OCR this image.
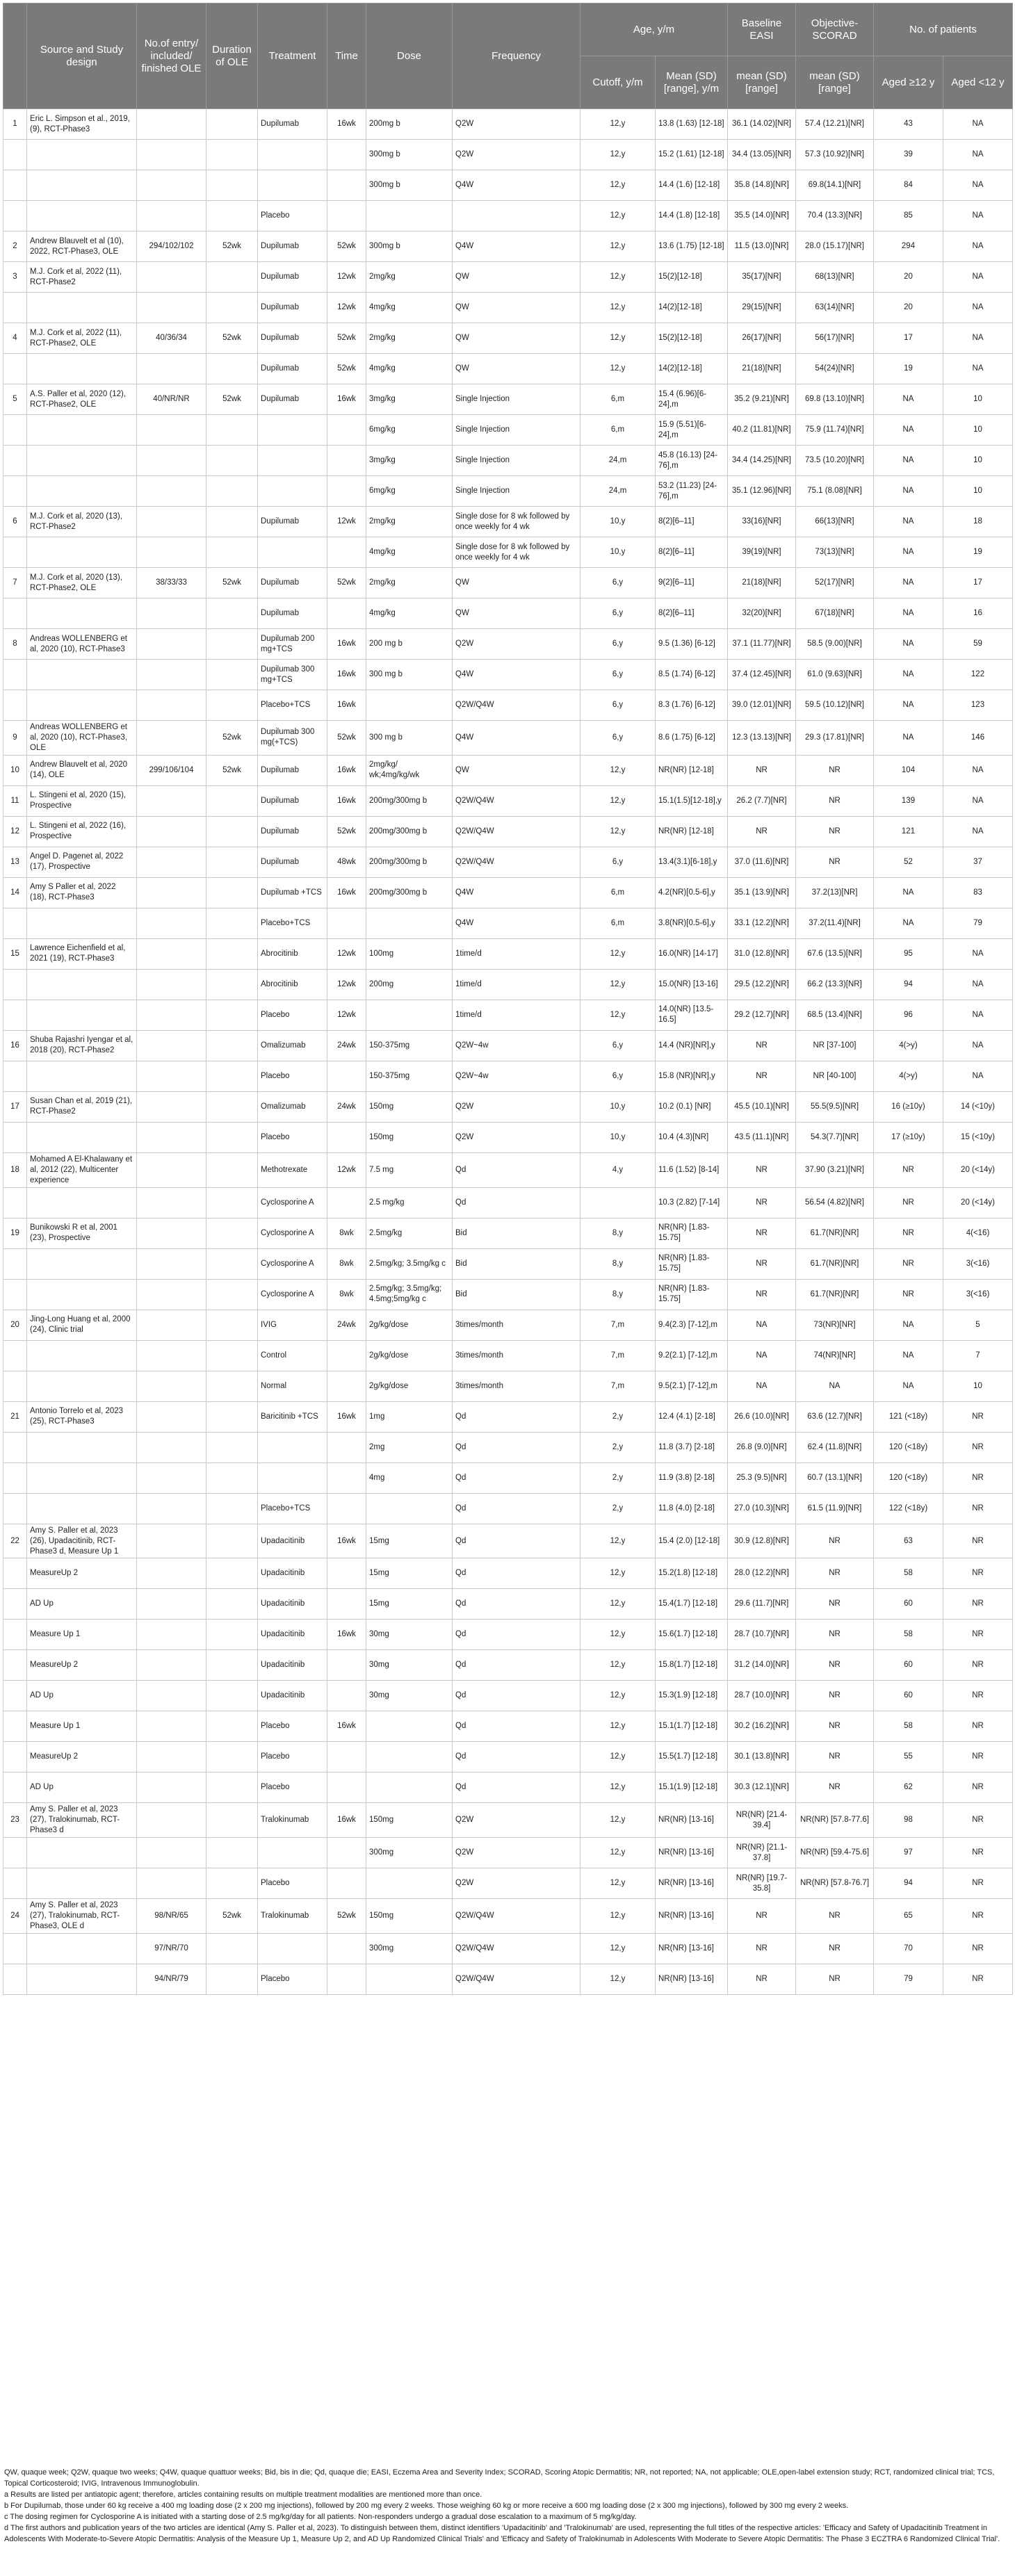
	Source and Study design	No.of entry/ included/ finished OLE	Duration of OLE	Treatment	Time	Dose	Frequency	Age, y/m		Baseline EASI	Objective-SCORAD	No. of patients	
								Cutoff, y/m	Mean (SD) [range], y/m	mean (SD) [range]	mean (SD) [range]	Aged ≥12 y	Aged <12 y
1	Eric L. Simpson et al., 2019, (9), RCT-Phase3			Dupilumab	16wk	200mg b	Q2W	12,y	13.8 (1.63) [12-18]	36.1 (14.02)[NR]	57.4 (12.21)[NR]	43	NA
						300mg b	Q2W	12,y	15.2 (1.61) [12-18]	34.4 (13.05)[NR]	57.3 (10.92)[NR]	39	NA
						300mg b	Q4W	12,y	14.4 (1.6) [12-18]	35.8 (14.8)[NR]	69.8(14.1)[NR]	84	NA
				Placebo				12,y	14.4 (1.8) [12-18]	35.5 (14.0)[NR]	70.4 (13.3)[NR]	85	NA
2	Andrew Blauvelt et al (10), 2022, RCT-Phase3, OLE	294/102/102	52wk	Dupilumab	52wk	300mg b	Q4W	12,y	13.6 (1.75) [12-18]	11.5 (13.0)[NR]	28.0 (15.17)[NR]	294	NA
3	M.J. Cork et al, 2022 (11), RCT-Phase2			Dupilumab	12wk	2mg/kg	QW	12,y	15(2)[12-18]	35(17)[NR]	68(13)[NR]	20	NA
				Dupilumab	12wk	4mg/kg	QW	12,y	14(2)[12-18]	29(15)[NR]	63(14)[NR]	20	NA
4	M.J. Cork et al, 2022 (11), RCT-Phase2, OLE	40/36/34	52wk	Dupilumab	52wk	2mg/kg	QW	12,y	15(2)[12-18]	26(17)[NR]	56(17)[NR]	17	NA
				Dupilumab	52wk	4mg/kg	QW	12,y	14(2)[12-18]	21(18)[NR]	54(24)[NR]	19	NA
5	A.S. Paller et al, 2020 (12), RCT-Phase2, OLE	40/NR/NR	52wk	Dupilumab	16wk	3mg/kg	Single Injection	6,m	15.4 (6.96)[6-24],m	35.2 (9.21)[NR]	69.8 (13.10)[NR]	NA	10
						6mg/kg	Single Injection	6,m	15.9 (5.51)[6-24],m	40.2 (11.81)[NR]	75.9 (11.74)[NR]	NA	10
						3mg/kg	Single Injection	24,m	45.8 (16.13) [24-76],m	34.4 (14.25)[NR]	73.5 (10.20)[NR]	NA	10
						6mg/kg	Single Injection	24,m	53.2 (11.23) [24-76],m	35.1 (12.96)[NR]	75.1 (8.08)[NR]	NA	10
6	M.J. Cork et al, 2020 (13), RCT-Phase2			Dupilumab	12wk	2mg/kg	Single dose for 8 wk followed by once weekly for 4 wk	10,y	8(2)[6–11]	33(16)[NR]	66(13)[NR]	NA	18
						4mg/kg	Single dose for 8 wk followed by once weekly for 4 wk	10,y	8(2)[6–11]	39(19)[NR]	73(13)[NR]	NA	19
7	M.J. Cork et al, 2020 (13), RCT-Phase2, OLE	38/33/33	52wk	Dupilumab	52wk	2mg/kg	QW	6,y	9(2)[6–11]	21(18)[NR]	52(17)[NR]	NA	17
				Dupilumab		4mg/kg	QW	6,y	8(2)[6–11]	32(20)[NR]	67(18)[NR]	NA	16
8	Andreas WOLLENBERG et al, 2020 (10), RCT-Phase3			Dupilumab 200 mg+TCS	16wk	200 mg b	Q2W	6,y	9.5 (1.36) [6-12]	37.1 (11.77)[NR]	58.5 (9.00)[NR]	NA	59
				Dupilumab 300 mg+TCS	16wk	300 mg b	Q4W	6,y	8.5 (1.74) [6-12]	37.4 (12.45)[NR]	61.0 (9.63)[NR]	NA	122
				Placebo+TCS	16wk		Q2W/Q4W	6,y	8.3 (1.76) [6-12]	39.0 (12.01)[NR]	59.5 (10.12)[NR]	NA	123
9	Andreas WOLLENBERG et al, 2020 (10), RCT-Phase3, OLE		52wk	Dupilumab 300 mg(+TCS)	52wk	300 mg b	Q4W	6,y	8.6 (1.75) [6-12]	12.3 (13.13)[NR]	29.3 (17.81)[NR]	NA	146
10	Andrew Blauvelt et al, 2020 (14), OLE	299/106/104	52wk	Dupilumab	16wk	2mg/kg/ wk;4mg/kg/wk	QW	12,y	NR(NR) [12-18]	NR	NR	104	NA
11	L. Stingeni et al, 2020 (15), Prospective			Dupilumab	16wk	200mg/300mg b	Q2W/Q4W	12,y	15.1(1.5)[12-18],y	26.2 (7.7)[NR]	NR	139	NA
12	L. Stingeni et al, 2022 (16), Prospective			Dupilumab	52wk	200mg/300mg b	Q2W/Q4W	12,y	NR(NR) [12-18]	NR	NR	121	NA
13	Angel D. Pagenet al, 2022 (17), Prospective			Dupilumab	48wk	200mg/300mg b	Q2W/Q4W	6,y	13.4(3.1)[6-18],y	37.0 (11.6)[NR]	NR	52	37
14	Amy S Paller et al, 2022 (18), RCT-Phase3			Dupilumab +TCS	16wk	200mg/300mg b	Q4W	6,m	4.2(NR)[0.5-6],y	35.1 (13.9)[NR]	37.2(13)[NR]	NA	83
				Placebo+TCS			Q4W	6,m	3.8(NR)[0.5-6],y	33.1 (12.2)[NR]	37.2(11.4)[NR]	NA	79
15	Lawrence Eichenfield et al, 2021 (19), RCT-Phase3			Abrocitinib	12wk	100mg	1time/d	12,y	16.0(NR) [14-17]	31.0 (12.8)[NR]	67.6 (13.5)[NR]	95	NA
				Abrocitinib	12wk	200mg	1time/d	12,y	15.0(NR) [13-16]	29.5 (12.2)[NR]	66.2 (13.3)[NR]	94	NA
				Placebo	12wk		1time/d	12,y	14.0(NR) [13.5-16.5]	29.2 (12.7)[NR]	68.5 (13.4)[NR]	96	NA
16	Shuba Rajashri Iyengar et al, 2018 (20), RCT-Phase2			Omalizumab	24wk	150-375mg	Q2W~4w	6,y	14.4 (NR)[NR],y	NR	NR [37-100]	4(>y)	NA
				Placebo		150-375mg	Q2W~4w	6,y	15.8 (NR)[NR],y	NR	NR [40-100]	4(>y)	NA
17	Susan Chan et al, 2019 (21), RCT-Phase2			Omalizumab	24wk	150mg	Q2W	10,y	10.2 (0.1) [NR]	45.5 (10.1)[NR]	55.5(9.5)[NR]	16 (≥10y)	14 (<10y)
				Placebo		150mg	Q2W	10,y	10.4 (4.3)[NR]	43.5 (11.1)[NR]	54.3(7.7)[NR]	17 (≥10y)	15 (<10y)
18	Mohamed A El-Khalawany et al, 2012 (22), Multicenter experience			Methotrexate	12wk	7.5 mg	Qd	4,y	11.6 (1.52) [8-14]	NR	37.90 (3.21)[NR]	NR	20 (<14y)
				Cyclosporine A		2.5 mg/kg	Qd		10.3 (2.82) [7-14]	NR	56.54 (4.82)[NR]	NR	20 (<14y)
19	Bunikowski R et al, 2001 (23), Prospective			Cyclosporine A	8wk	2.5mg/kg	Bid	8,y	NR(NR) [1.83-15.75]	NR	61.7(NR)[NR]	NR	4(<16)
				Cyclosporine A	8wk	2.5mg/kg; 3.5mg/kg c	Bid	8,y	NR(NR) [1.83-15.75]	NR	61.7(NR)[NR]	NR	3(<16)
				Cyclosporine A	8wk	2.5mg/kg; 3.5mg/kg; 4.5mg;5mg/kg c	Bid	8,y	NR(NR) [1.83-15.75]	NR	61.7(NR)[NR]	NR	3(<16)
20	Jing-Long Huang et al, 2000 (24), Clinic trial			IVIG	24wk	2g/kg/dose	3times/month	7,m	9.4(2.3) [7-12],m	NA	73(NR)[NR]	NA	5
				Control		2g/kg/dose	3times/month	7,m	9.2(2.1) [7-12],m	NA	74(NR)[NR]	NA	7
				Normal		2g/kg/dose	3times/month	7,m	9.5(2.1) [7-12],m	NA	NA	NA	10
21	Antonio Torrelo et al, 2023 (25), RCT-Phase3			Baricitinib +TCS	16wk	1mg	Qd	2,y	12.4 (4.1) [2-18]	26.6 (10.0)[NR]	63.6 (12.7)[NR]	121 (<18y)	NR
						2mg	Qd	2,y	11.8 (3.7) [2-18]	26.8 (9.0)[NR]	62.4 (11.8)[NR]	120 (<18y)	NR
						4mg	Qd	2,y	11.9 (3.8) [2-18]	25.3 (9.5)[NR]	60.7 (13.1)[NR]	120 (<18y)	NR
				Placebo+TCS			Qd	2,y	11.8 (4.0) [2-18]	27.0 (10.3)[NR]	61.5 (11.9)[NR]	122 (<18y)	NR
22	Amy S. Paller et al, 2023 (26), Upadacitinib, RCT-Phase3 d, Measure Up 1			Upadacitinib	16wk	15mg	Qd	12,y	15.4 (2.0) [12-18]	30.9 (12.8)[NR]	NR	63	NR
	MeasureUp 2			Upadacitinib		15mg	Qd	12,y	15.2(1.8) [12-18]	28.0 (12.2)[NR]	NR	58	NR
	AD Up			Upadacitinib		15mg	Qd	12,y	15.4(1.7) [12-18]	29.6 (11.7)[NR]	NR	60	NR
	Measure Up 1			Upadacitinib	16wk	30mg	Qd	12,y	15.6(1.7) [12-18]	28.7 (10.7)[NR]	NR	58	NR
	MeasureUp 2			Upadacitinib		30mg	Qd	12,y	15.8(1.7) [12-18]	31.2 (14.0)[NR]	NR	60	NR
	AD Up			Upadacitinib		30mg	Qd	12,y	15.3(1.9) [12-18]	28.7 (10.0)[NR]	NR	60	NR
	Measure Up 1			Placebo	16wk		Qd	12,y	15.1(1.7) [12-18]	30.2 (16.2)[NR]	NR	58	NR
	MeasureUp 2			Placebo			Qd	12,y	15.5(1.7) [12-18]	30.1 (13.8)[NR]	NR	55	NR
	AD Up			Placebo			Qd	12,y	15.1(1.9) [12-18]	30.3 (12.1)[NR]	NR	62	NR
23	Amy S. Paller et al, 2023 (27), Tralokinumab, RCT-Phase3 d			Tralokinumab	16wk	150mg	Q2W	12,y	NR(NR) [13-16]	NR(NR) [21.4-39.4]	NR(NR) [57.8-77.6]	98	NR
						300mg	Q2W	12,y	NR(NR) [13-16]	NR(NR) [21.1-37.8]	NR(NR) [59.4-75.6]	97	NR
				Placebo			Q2W	12,y	NR(NR) [13-16]	NR(NR) [19.7-35.8]	NR(NR) [57.8-76.7]	94	NR
24	Amy S. Paller et al, 2023 (27), Tralokinumab, RCT-Phase3, OLE d	98/NR/65	52wk	Tralokinumab	52wk	150mg	Q2W/Q4W	12,y	NR(NR) [13-16]	NR	NR	65	NR
		97/NR/70				300mg	Q2W/Q4W	12,y	NR(NR) [13-16]	NR	NR	70	NR
		94/NR/79		Placebo			Q2W/Q4W	12,y	NR(NR) [13-16]	NR	NR	79	NR

QW, quaque week; Q2W, quaque two weeks; Q4W, quaque quattuor weeks; Bid, bis in die; Qd, quaque die; EASI, Eczema Area and Severity Index; SCORAD, Scoring Atopic Dermatitis; NR, not reported; NA, not applicable; OLE,open-label extension study; RCT, randomized clinical trial; TCS, Topical Corticosteroid; IVIG, Intravenous Immunoglobulin.

a Results are listed per antiatopic agent; therefore, articles containing results on multiple treatment modalities are mentioned more than once.

b For Dupilumab, those under 60 kg receive a 400 mg loading dose (2 x 200 mg injections), followed by 200 mg every 2 weeks. Those weighing 60 kg or more receive a 600 mg loading dose (2 x 300 mg injections), followed by 300 mg every 2 weeks.

c The dosing regimen for Cyclosporine A is initiated with a starting dose of 2.5 mg/kg/day for all patients. Non-responders undergo a gradual dose escalation to a maximum of 5 mg/kg/day.

d The first authors and publication years of the two articles are identical (Amy S. Paller et al, 2023). To distinguish between them, distinct identifiers 'Upadacitinib' and 'Tralokinumab' are used, representing the full titles of the respective articles: 'Efficacy and Safety of Upadacitinib Treatment in Adolescents With Moderate-to-Severe Atopic Dermatitis: Analysis of the Measure Up 1, Measure Up 2, and AD Up Randomized Clinical Trials' and 'Efficacy and Safety of Tralokinumab in Adolescents With Moderate to Severe Atopic Dermatitis: The Phase 3 ECZTRA 6 Randomized Clinical Trial'.
